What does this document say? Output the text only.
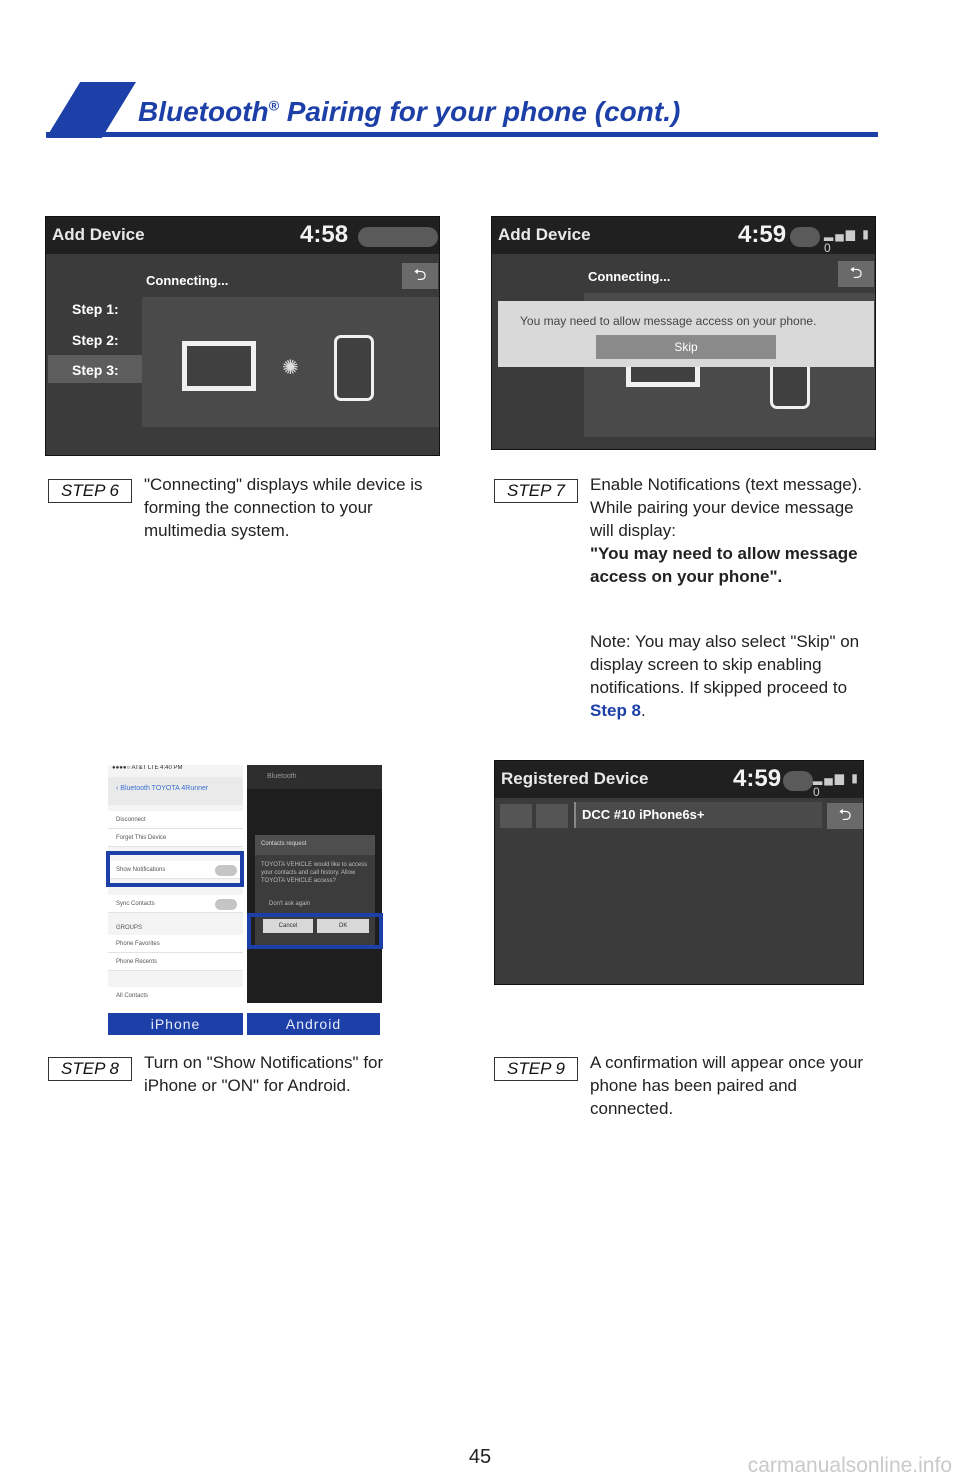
Bluetooth® Pairing for your phone (cont.)
Add Device	4:58
Connecting...	⮌
Step 1:
Step 2:
Step 3:	✺
Add Device	4:59	▂▄▆ ▮ 0
Connecting...	⮌
You may need to allow message access on your phone.
Skip
STEP 6	"Connecting" displays while device is forming the connection to your multimedia system.
STEP 7	Enable Notifications (text message). While pairing your device message will display:
"You may need to allow message access on your phone".
Note: You may also select "Skip" on display screen to skip enabling notifications. If skipped proceed to Step 8.
●●●●○ AT&T LTE 4:40 PM
‹ Bluetooth TOYOTA 4Runner
Disconnect
Forget This Device
Show Notifications
Sync Contacts
GROUPS
Phone Favorites
Phone Recents
All Contacts
Bluetooth
Contacts request
TOYOTA VEHICLE would like to access your contacts and call history. Allow TOYOTA VEHICLE access?
Don't ask again
Cancel	OK
iPhone	Android
Registered Device	4:59	▂▄▆ ▮ 0
⮌
DCC #10 iPhone6s+
STEP 8	Turn on "Show Notifications" for iPhone or "ON" for Android.
STEP 9	A confirmation will appear once your phone has been paired and connected.
45	carmanualsonline.info
